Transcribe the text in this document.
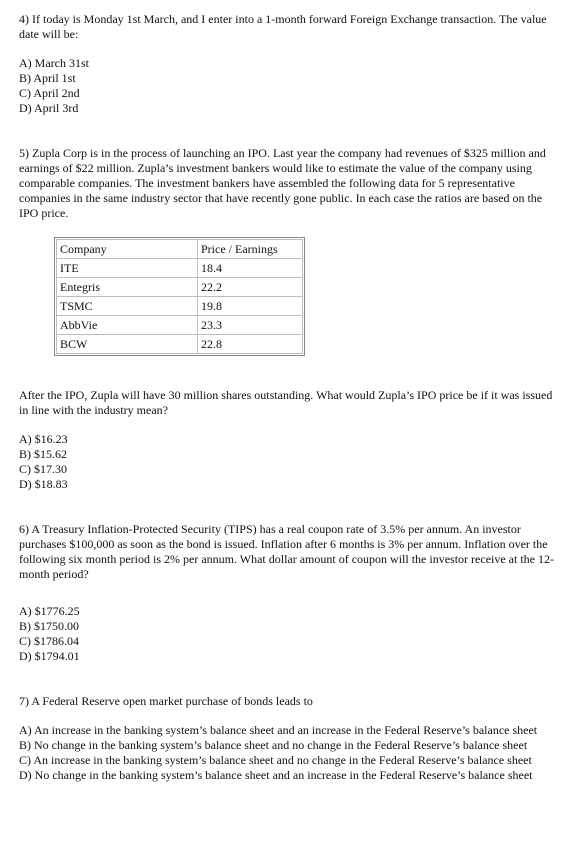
4) If today is Monday 1st March, and I enter into a 1-month forward Foreign Exchange transaction. The value date will be:

A) March 31st
B) April 1st
C) April 2nd
D) April 3rd

5) Zupla Corp is in the process of launching an IPO. Last year the company had revenues of $325 million and earnings of $22 million. Zupla’s investment bankers would like to estimate the value of the company using comparable companies. The investment bankers have assembled the following data for 5 representative companies in the same industry sector that have recently gone public. In each case the ratios are based on the IPO price.

Company	Price / Earnings
ITE	18.4
Entegris	22.2
TSMC	19.8
AbbVie	23.3
BCW	22.8

After the IPO, Zupla will have 30 million shares outstanding. What would Zupla’s IPO price be if it was issued in line with the industry mean?

A) $16.23
B) $15.62
C) $17.30
D) $18.83

6) A Treasury Inflation-Protected Security (TIPS) has a real coupon rate of 3.5% per annum. An investor purchases $100,000 as soon as the bond is issued. Inflation after 6 months is 3% per annum. Inflation over the following six month period is 2% per annum. What dollar amount of coupon will the investor receive at the 12-month period?

A) $1776.25
B) $1750.00
C) $1786.04
D) $1794.01

7) A Federal Reserve open market purchase of bonds leads to

A) An increase in the banking system’s balance sheet and an increase in the Federal Reserve’s balance sheet
B) No change in the banking system’s balance sheet and no change in the Federal Reserve’s balance sheet
C) An increase in the banking system’s balance sheet and no change in the Federal Reserve’s balance sheet
D) No change in the banking system’s balance sheet and an increase in the Federal Reserve’s balance sheet
